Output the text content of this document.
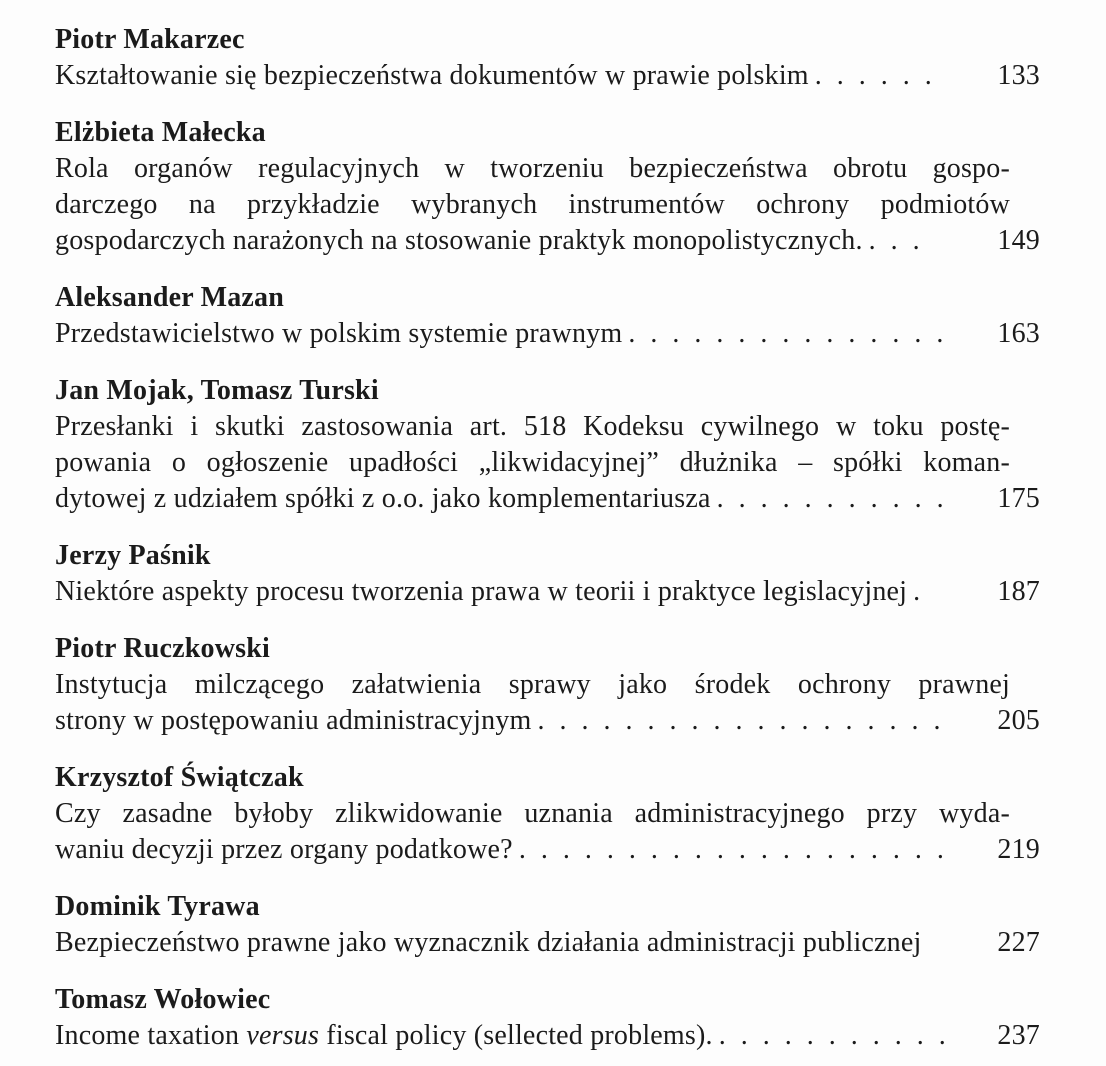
Piotr Makarzec
Kształtowanie się bezpieczeństwa dokumentów w prawie polskim . . . . . . 133
Elżbieta Małecka
Rola organów regulacyjnych w tworzeniu bezpieczeństwa obrotu gospo-
darczego na przykładzie wybranych instrumentów ochrony podmiotów
gospodarczych narażonych na stosowanie praktyk monopolistycznych. . . .	149
Aleksander Mazan
Przedstawicielstwo w polskim systemie prawnym . . . . . . . . . . . . . . . 163
Jan Mojak, Tomasz Turski
Przesłanki i skutki zastosowania art. 518 Kodeksu cywilnego w toku postę-
powania o ogłoszenie upadłości „likwidacyjnej” dłużnika – spółki koman-
dytowej z udziałem spółki z o.o. jako komplementariusza . . . . . . . . . . . 175
Jerzy Paśnik
Niektóre aspekty procesu tworzenia prawa w teorii i praktyce legislacyjnej .	187
Piotr Ruczkowski
Instytucja milczącego załatwienia sprawy jako środek ochrony prawnej
strony w postępowaniu administracyjnym . . . . . . . . . . . . . . . . . . . 205
Krzysztof Świątczak
Czy zasadne byłoby zlikwidowanie uznania administracyjnego przy wyda-
waniu decyzji przez organy podatkowe? . . . . . . . . . . . . . . . . . . . . 219
Dominik Tyrawa
Bezpieczeństwo prawne jako wyznacznik działania administracji publicznej	227
Tomasz Wołowiec
Income taxation versus fiscal policy (sellected problems). . . . . . . . . . . . 237
